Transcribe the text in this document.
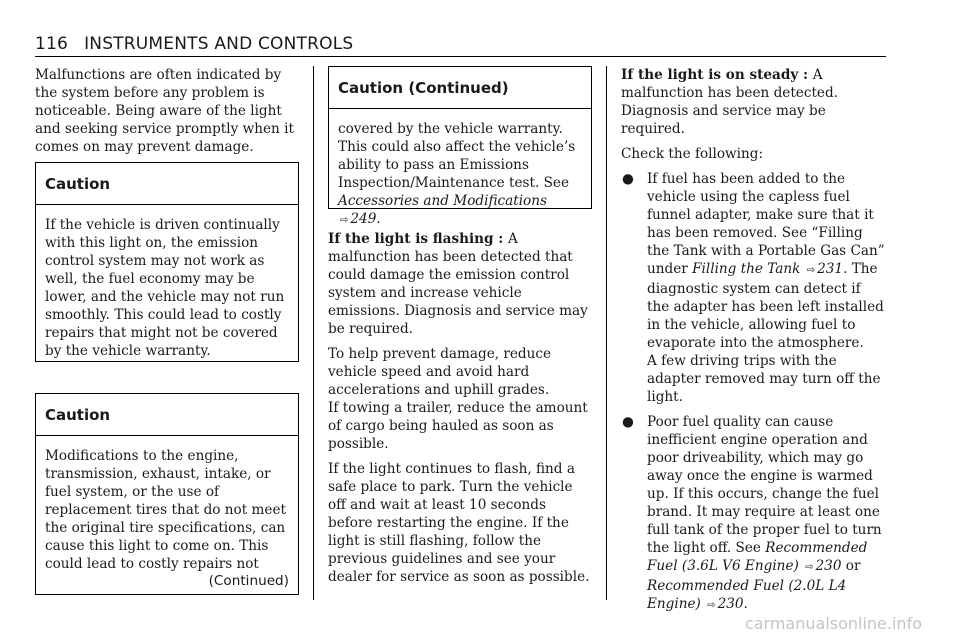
116 INSTRUMENTS AND CONTROLS

Malfunctions are often indicated by the system before any problem is noticeable. Being aware of the light and seeking service promptly when it comes on may prevent damage.

Caution
If the vehicle is driven continually with this light on, the emission control system may not work as well, the fuel economy may be lower, and the vehicle may not run smoothly. This could lead to costly repairs that might not be covered by the vehicle warranty.
Caution
Modifications to the engine, transmission, exhaust, intake, or fuel system, or the use of replacement tires that do not meet the original tire specifications, can cause this light to come on. This could lead to costly repairs not
(Continued)
Caution (Continued)
covered by the vehicle warranty. This could also affect the vehicle’s ability to pass an Emissions Inspection/Maintenance test. See Accessories and Modifications ⇨ 249.

If the light is flashing : A malfunction has been detected that could damage the emission control system and increase vehicle emissions. Diagnosis and service may be required.

To help prevent damage, reduce vehicle speed and avoid hard accelerations and uphill grades.
If towing a trailer, reduce the amount of cargo being hauled as soon as possible.

If the light continues to flash, find a safe place to park. Turn the vehicle off and wait at least 10 seconds before restarting the engine. If the light is still flashing, follow the previous guidelines and see your dealer for service as soon as possible.

If the light is on steady : A malfunction has been detected. Diagnosis and service may be required.

Check the following:

● If fuel has been added to the vehicle using the capless fuel funnel adapter, make sure that it has been removed. See “Filling the Tank with a Portable Gas Can” under Filling the Tank ⇨ 231. The diagnostic system can detect if the adapter has been left installed in the vehicle, allowing fuel to evaporate into the atmosphere.
A few driving trips with the adapter removed may turn off the light.
● Poor fuel quality can cause inefficient engine operation and poor driveability, which may go away once the engine is warmed up. If this occurs, change the fuel brand. It may require at least one full tank of the proper fuel to turn the light off. See Recommended Fuel (3.6L V6 Engine) ⇨ 230 or Recommended Fuel (2.0L L4 Engine) ⇨ 230.
carmanualsonline.info
